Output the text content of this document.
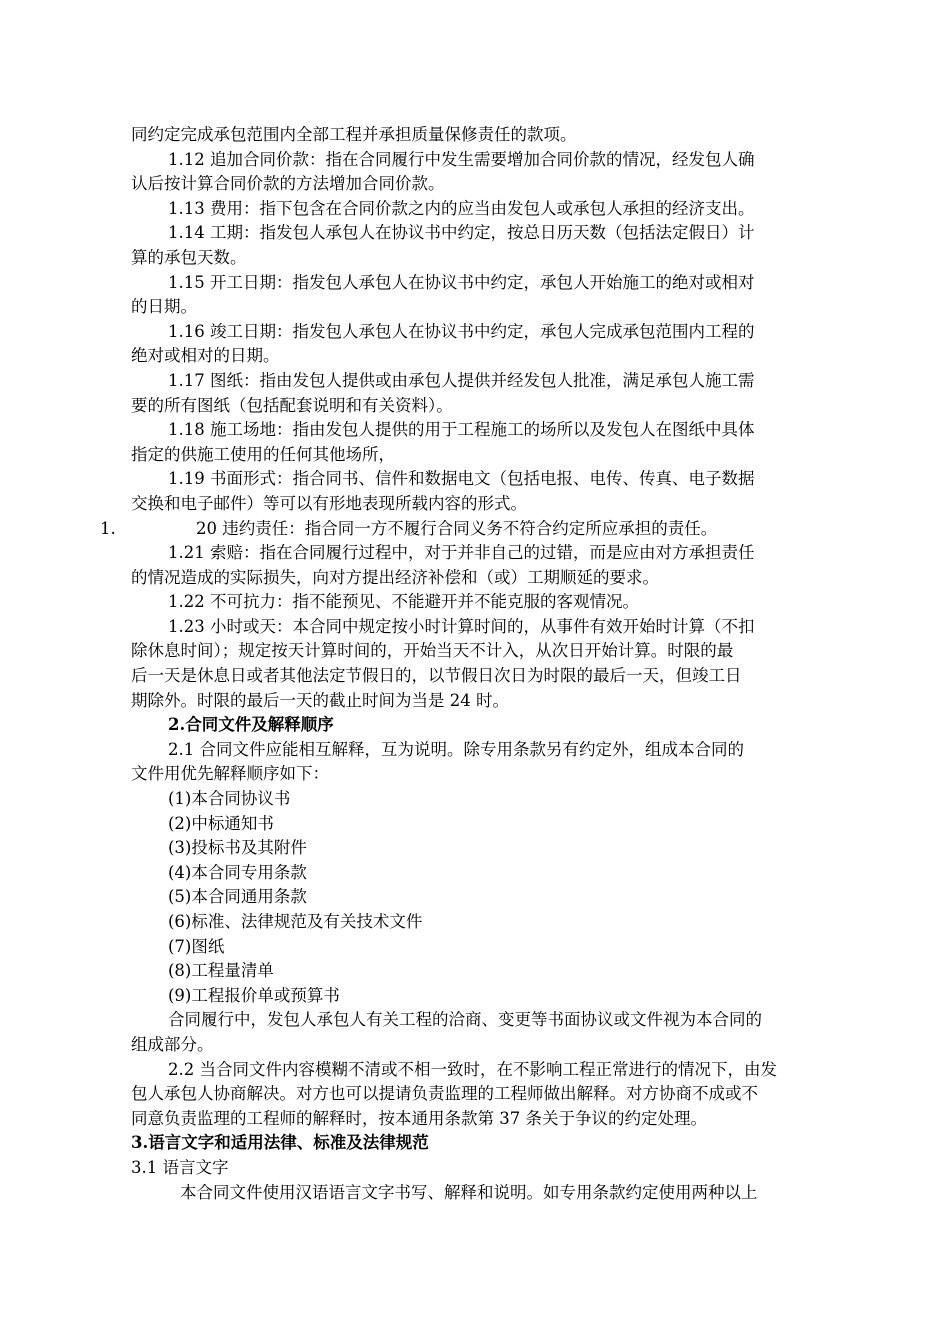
同约定完成承包范围内全部工程并承担质量保修责任的款项。

1.12 追加合同价款：指在合同履行中发生需要增加合同价款的情况，经发包人确

认后按计算合同价款的方法增加合同价款。

1.13 费用：指下包含在合同价款之内的应当由发包人或承包人承担的经济支出。

1.14 工期：指发包人承包人在协议书中约定，按总日历天数（包括法定假日）计

算的承包天数。

1.15 开工日期：指发包人承包人在协议书中约定，承包人开始施工的绝对或相对

的日期。

1.16 竣工日期：指发包人承包人在协议书中约定，承包人完成承包范围内工程的

绝对或相对的日期。

1.17 图纸：指由发包人提供或由承包人提供并经发包人批准，满足承包人施工需

要的所有图纸（包括配套说明和有关资料）。

1.18 施工场地：指由发包人提供的用于工程施工的场所以及发包人在图纸中具体

指定的供施工使用的任何其他场所，

1.19 书面形式：指合同书、信件和数据电文（包括电报、电传、传真、电子数据

交换和电子邮件）等可以有形地表现所载内容的形式。

1.	20 违约责任：指合同一方不履行合同义务不符合约定所应承担的责任。

1.21 索赔：指在合同履行过程中，对于并非自己的过错，而是应由对方承担责任

的情况造成的实际损失，向对方提出经济补偿和（或）工期顺延的要求。

1.22 不可抗力：指不能预见、不能避开并不能克服的客观情况。

1.23 小时或天：本合同中规定按小时计算时间的，从事件有效开始时计算（不扣

除休息时间）；规定按天计算时间的，开始当天不计入，从次日开始计算。时限的最

后一天是休息日或者其他法定节假日的，以节假日次日为时限的最后一天，但竣工日

期除外。时限的最后一天的截止时间为当是 24 时。

2.合同文件及解释顺序

2.1 合同文件应能相互解释，互为说明。除专用条款另有约定外，组成本合同的

文件用优先解释顺序如下：

(1)本合同协议书

(2)中标通知书

(3)投标书及其附件

(4)本合同专用条款

(5)本合同通用条款

(6)标准、法律规范及有关技术文件

(7)图纸

(8)工程量清单

(9)工程报价单或预算书

合同履行中，发包人承包人有关工程的洽商、变更等书面协议或文件视为本合同的

组成部分。

2.2 当合同文件内容模糊不清或不相一致时，在不影响工程正常进行的情况下，由发

包人承包人协商解决。对方也可以提请负责监理的工程师做出解释。对方协商不成或不

同意负责监理的工程师的解释时，按本通用条款第 37 条关于争议的约定处理。

3.语言文字和适用法律、标准及法律规范

3.1 语言文字

本合同文件使用汉语语言文字书写、解释和说明。如专用条款约定使用两种以上
